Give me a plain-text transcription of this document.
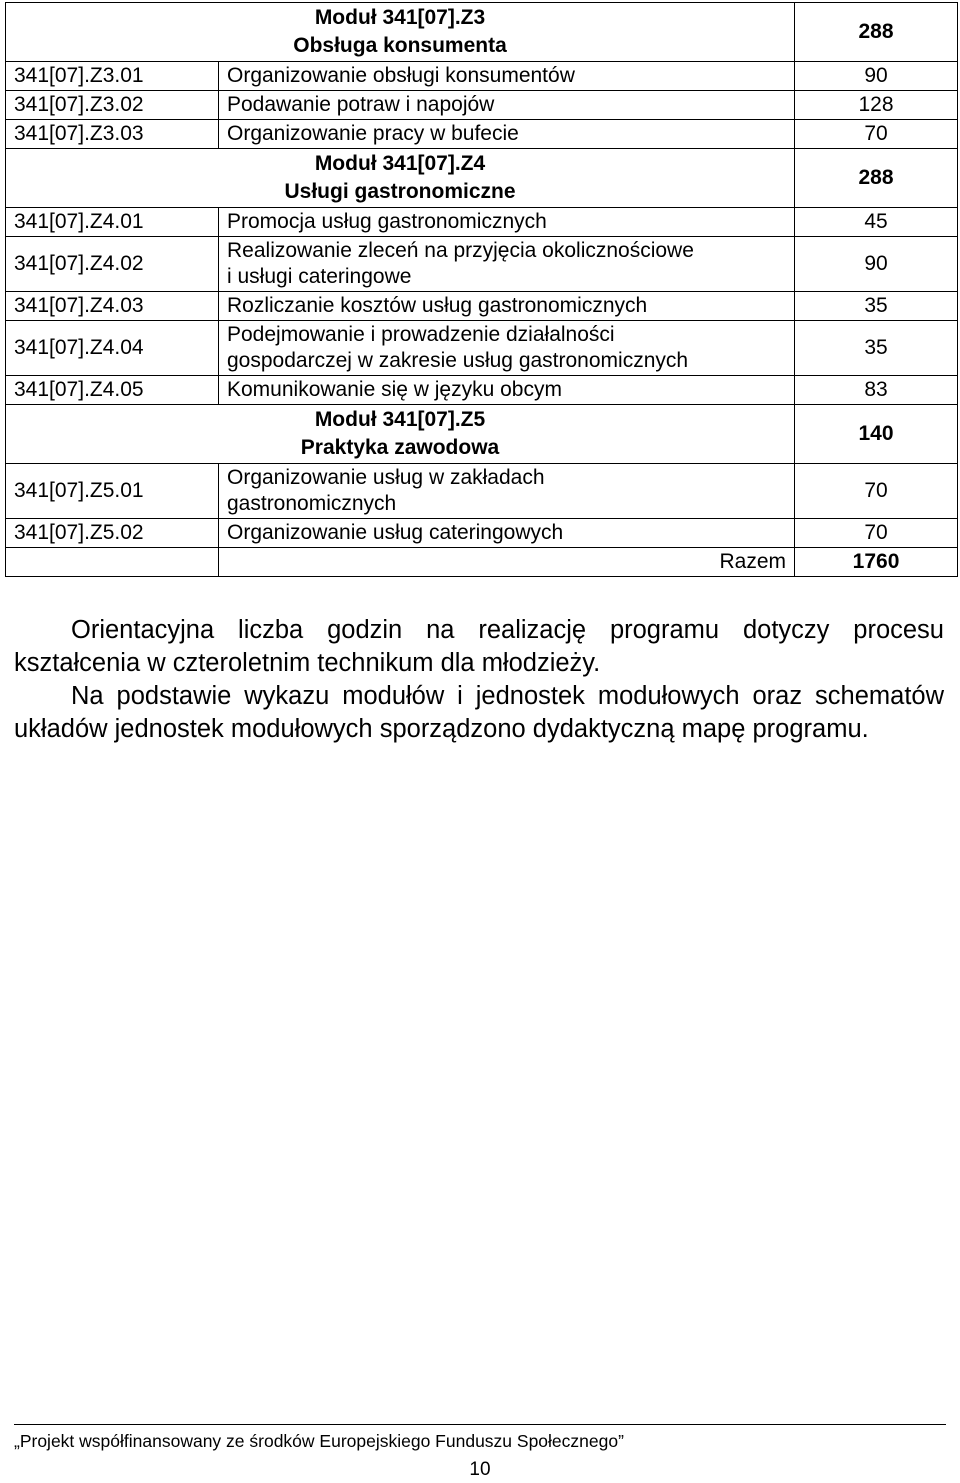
Moduł 341[07].Z3
Obsługa konsumenta		288
341[07].Z3.01	Organizowanie obsługi konsumentów	90
341[07].Z3.02	Podawanie potraw i napojów	128
341[07].Z3.03	Organizowanie pracy w bufecie	70
Moduł 341[07].Z4
Usługi gastronomiczne		288
341[07].Z4.01	Promocja usług gastronomicznych	45
341[07].Z4.02	Realizowanie zleceń na przyjęcia okolicznościowe
i usługi cateringowe	90
341[07].Z4.03	Rozliczanie kosztów usług gastronomicznych	35
341[07].Z4.04	Podejmowanie i prowadzenie działalności
gospodarczej w zakresie usług gastronomicznych	35
341[07].Z4.05	Komunikowanie się w języku obcym	83
Moduł 341[07].Z5
Praktyka zawodowa		140
341[07].Z5.01	Organizowanie usług w zakładach
gastronomicznych	70
341[07].Z5.02	Organizowanie usług cateringowych	70
	Razem	1760

Orientacyjna liczba godzin na realizację programu dotyczy procesu kształcenia w czteroletnim technikum dla młodzieży.

Na podstawie wykazu modułów i jednostek modułowych oraz schematów układów jednostek modułowych sporządzono dydaktyczną mapę programu.

„Projekt współfinansowany ze środków Europejskiego Funduszu Społecznego”
10
